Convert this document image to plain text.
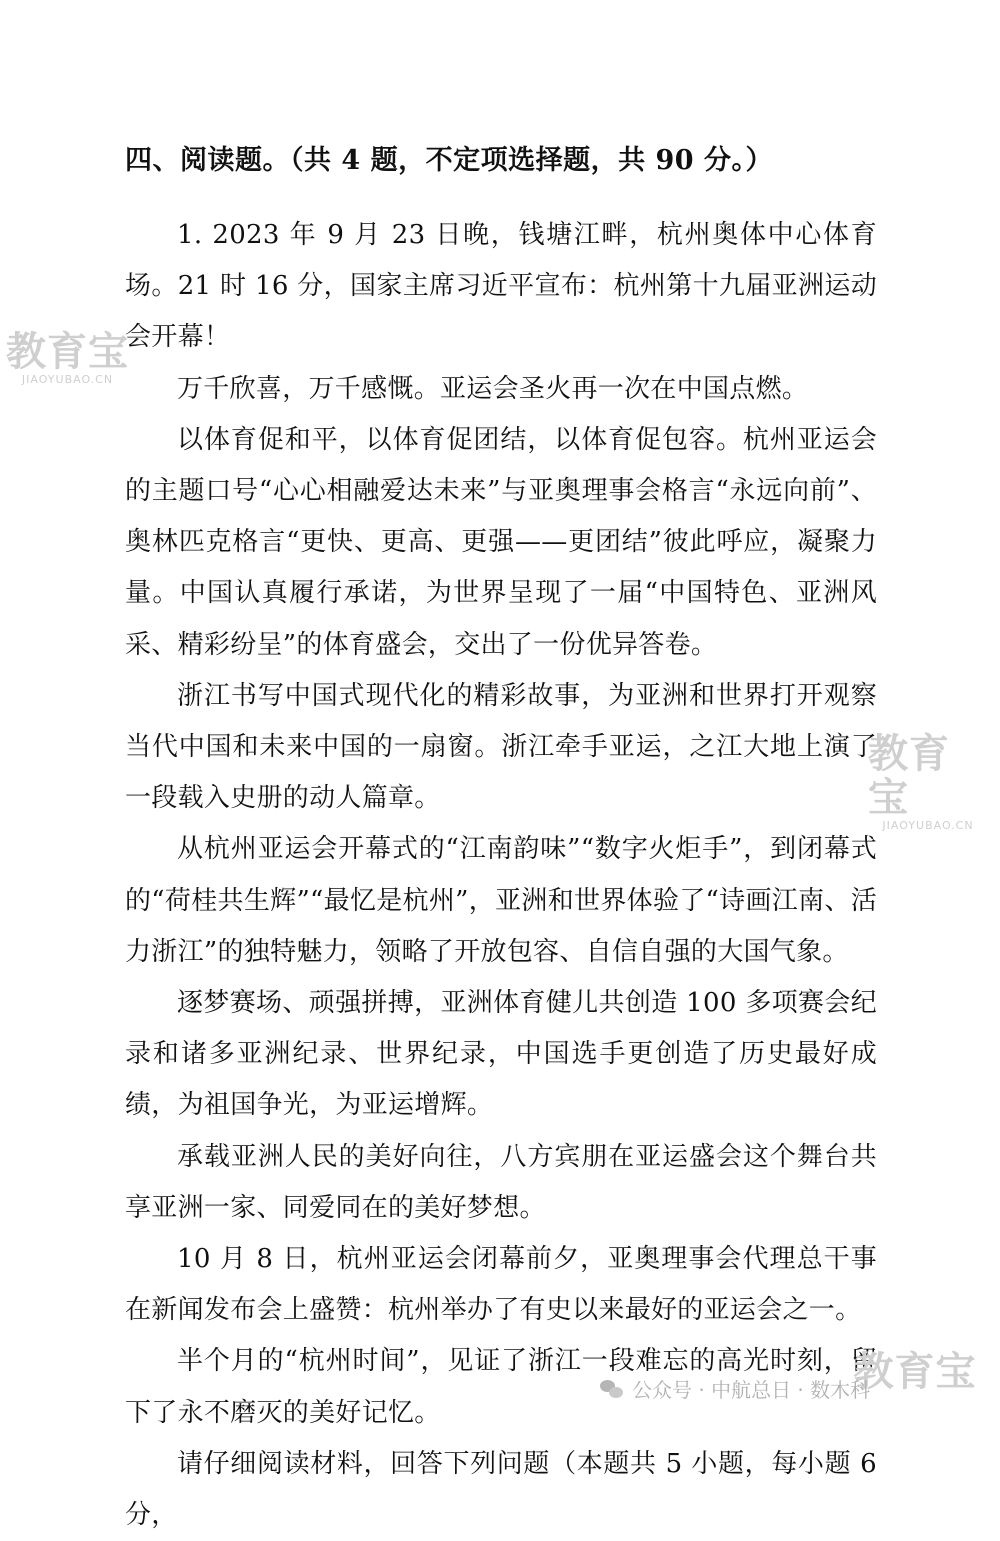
四、阅读题。（共 4 题，不定项选择题，共 90 分。）

1. 2023 年 9 月 23 日晚，钱塘江畔，杭州奥体中心体育场。21 时 16 分，国家主席习近平宣布：杭州第十九届亚洲运动会开幕！

万千欣喜，万千感慨。亚运会圣火再一次在中国点燃。

以体育促和平，以体育促团结，以体育促包容。杭州亚运会的主题口号“心心相融爱达未来”与亚奥理事会格言“永远向前”、奥林匹克格言“更快、更高、更强——更团结”彼此呼应，凝聚力量。中国认真履行承诺，为世界呈现了一届“中国特色、亚洲风采、精彩纷呈”的体育盛会，交出了一份优异答卷。

浙江书写中国式现代化的精彩故事，为亚洲和世界打开观察当代中国和未来中国的一扇窗。浙江牵手亚运，之江大地上演了一段载入史册的动人篇章。

从杭州亚运会开幕式的“江南韵味”“数字火炬手”，到闭幕式的“荷桂共生辉”“最忆是杭州”，亚洲和世界体验了“诗画江南、活力浙江”的独特魅力，领略了开放包容、自信自强的大国气象。

逐梦赛场、顽强拼搏，亚洲体育健儿共创造 100 多项赛会纪录和诸多亚洲纪录、世界纪录，中国选手更创造了历史最好成绩，为祖国争光，为亚运增辉。

承载亚洲人民的美好向往，八方宾朋在亚运盛会这个舞台共享亚洲一家、同爱同在的美好梦想。

10 月 8 日，杭州亚运会闭幕前夕，亚奥理事会代理总干事在新闻发布会上盛赞：杭州举办了有史以来最好的亚运会之一。

半个月的“杭州时间”，见证了浙江一段难忘的高光时刻，留下了永不磨灭的美好记忆。

请仔细阅读材料，回答下列问题（本题共 5 小题，每小题 6 分，

教育宝
JIAOYUBAO.CN
教育宝
JIAOYUBAO.CN
教育宝
公众号 · 中航总日 · 数木科
